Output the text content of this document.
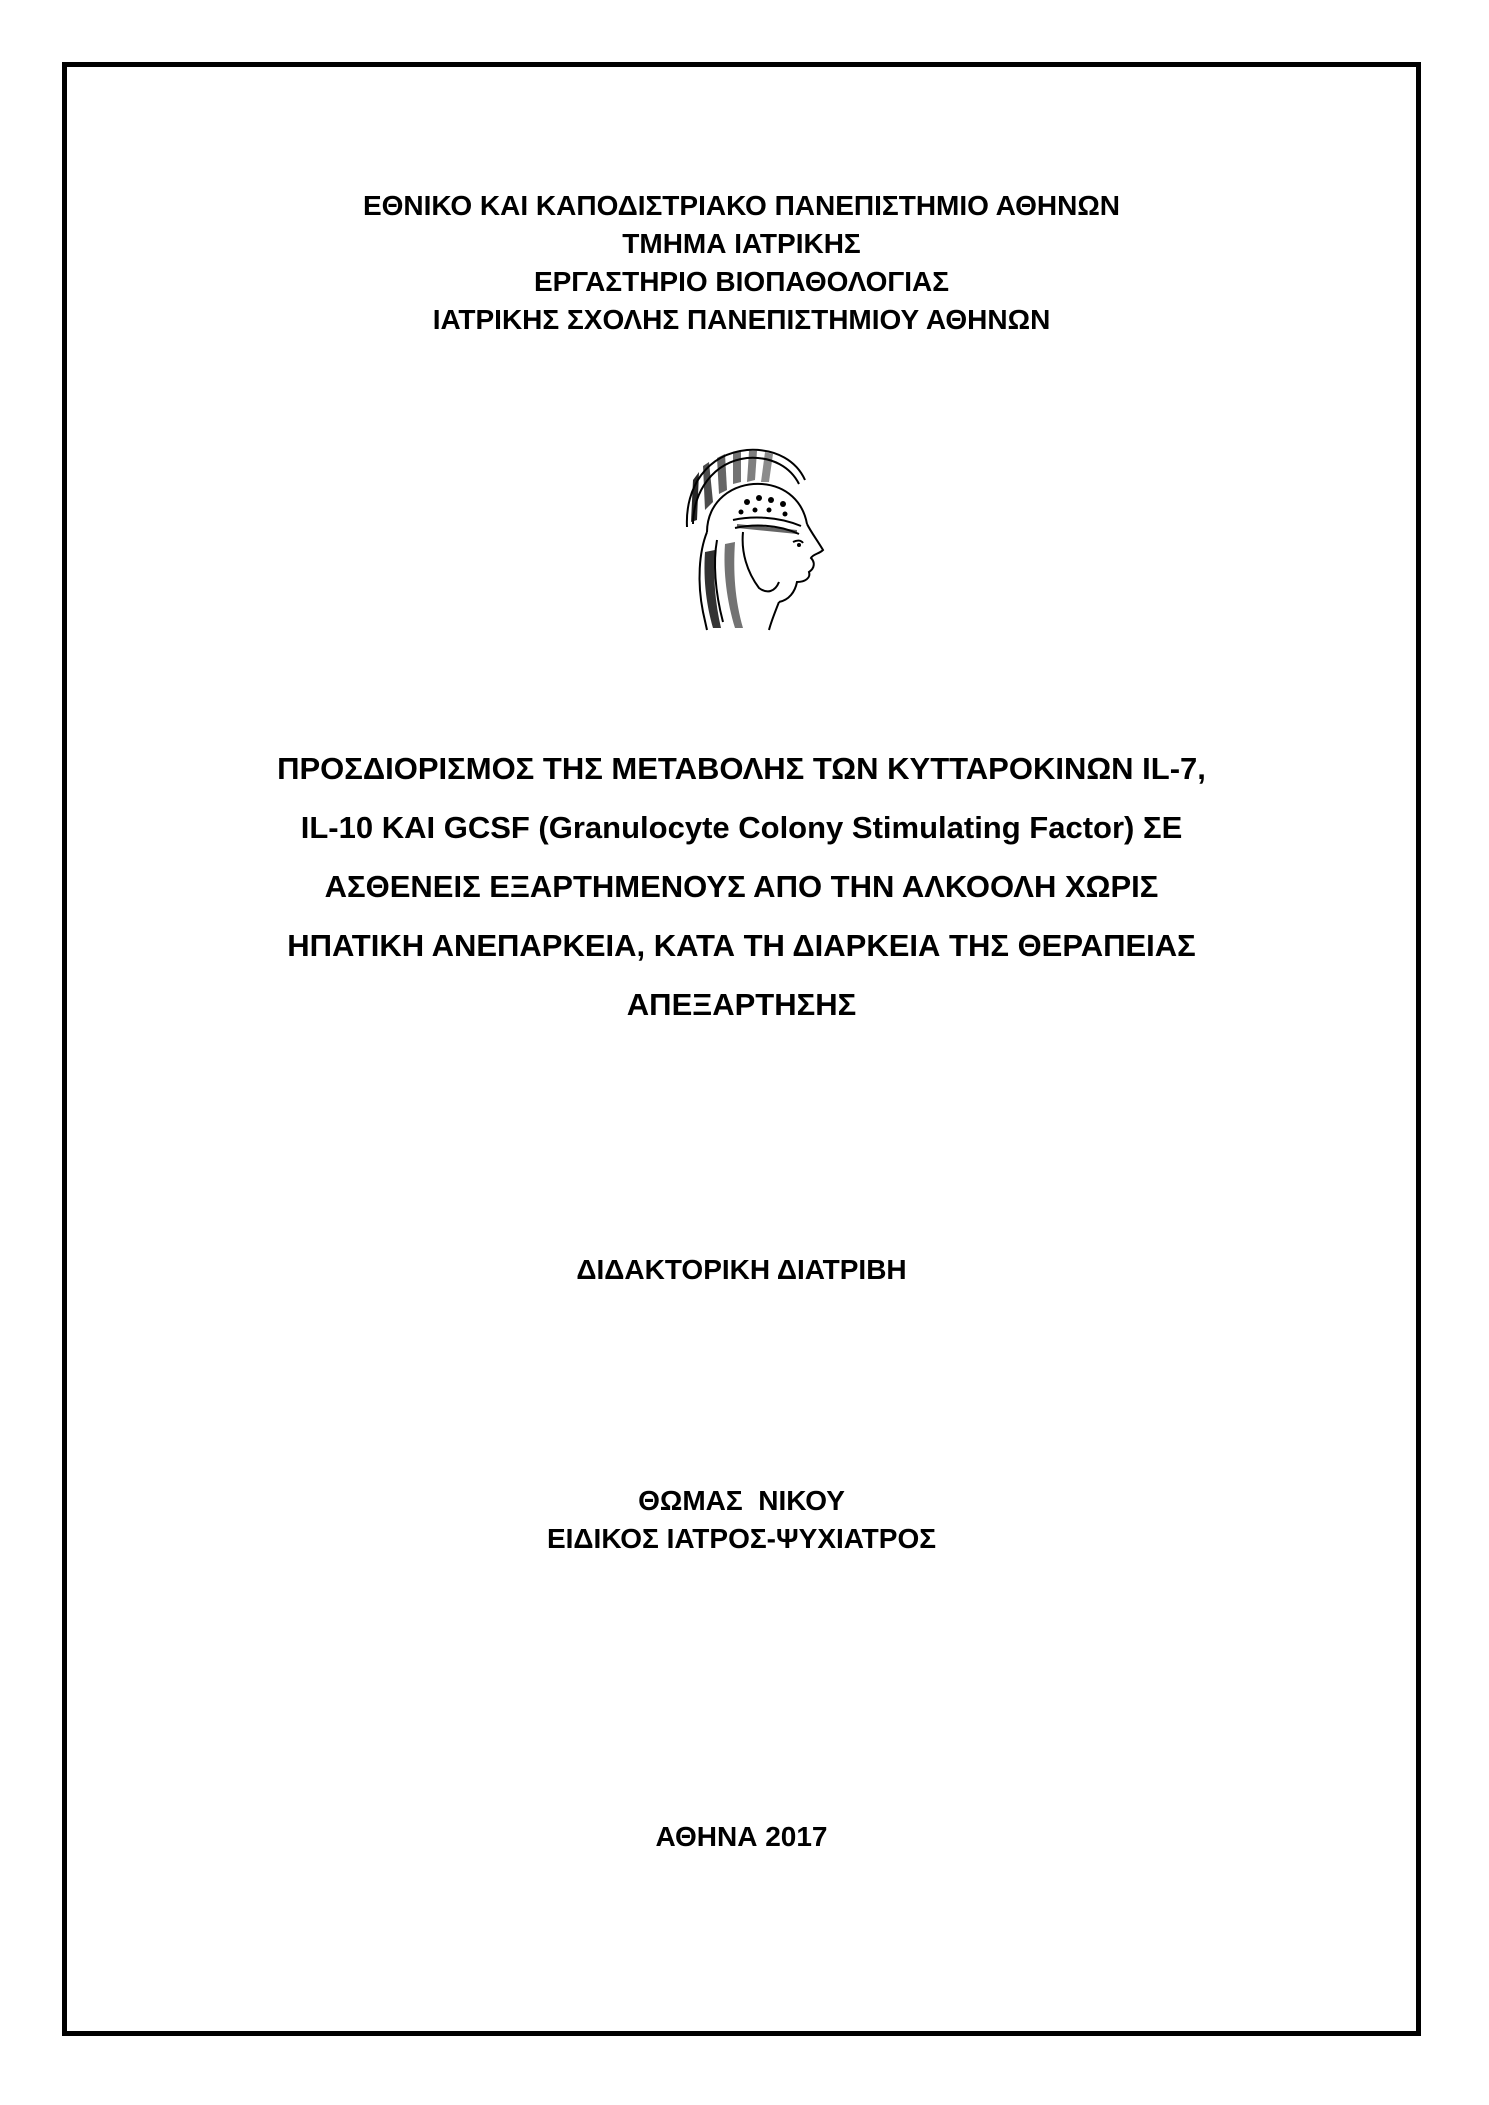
ΕΘΝΙΚΟ ΚΑΙ ΚΑΠΟΔΙΣΤΡΙΑΚΟ ΠΑΝΕΠΙΣΤΗΜΙΟ ΑΘΗΝΩΝ
ΤΜΗΜΑ ΙΑΤΡΙΚΗΣ
ΕΡΓΑΣΤΗΡΙΟ ΒΙΟΠΑΘΟΛΟΓΙΑΣ
ΙΑΤΡΙΚΗΣ ΣΧΟΛΗΣ ΠΑΝΕΠΙΣΤΗΜΙΟΥ ΑΘΗΝΩΝ
ΠΡΟΣΔΙΟΡΙΣΜΟΣ ΤΗΣ ΜΕΤΑΒΟΛΗΣ ΤΩΝ ΚΥΤΤΑΡΟΚΙΝΩΝ IL-7,
IL-10 KAI GCSF (Granulocyte Colony Stimulating Factor) ΣΕ
ΑΣΘΕΝΕΙΣ ΕΞΑΡΤΗΜΕΝΟΥΣ ΑΠΟ ΤΗΝ ΑΛΚΟΟΛΗ ΧΩΡΙΣ
ΗΠΑΤΙΚΗ ΑΝΕΠΑΡΚΕΙΑ, ΚΑΤΑ ΤΗ ΔΙΑΡΚΕΙΑ ΤΗΣ ΘΕΡΑΠΕΙΑΣ
ΑΠΕΞΑΡΤΗΣΗΣ
ΔΙΔΑΚΤΟΡΙΚΗ ΔΙΑΤΡΙΒΗ
ΘΩΜΑΣ  ΝΙΚΟΥ
ΕΙΔΙΚΟΣ ΙΑΤΡΟΣ-ΨΥΧΙΑΤΡΟΣ
ΑΘΗΝΑ 2017
